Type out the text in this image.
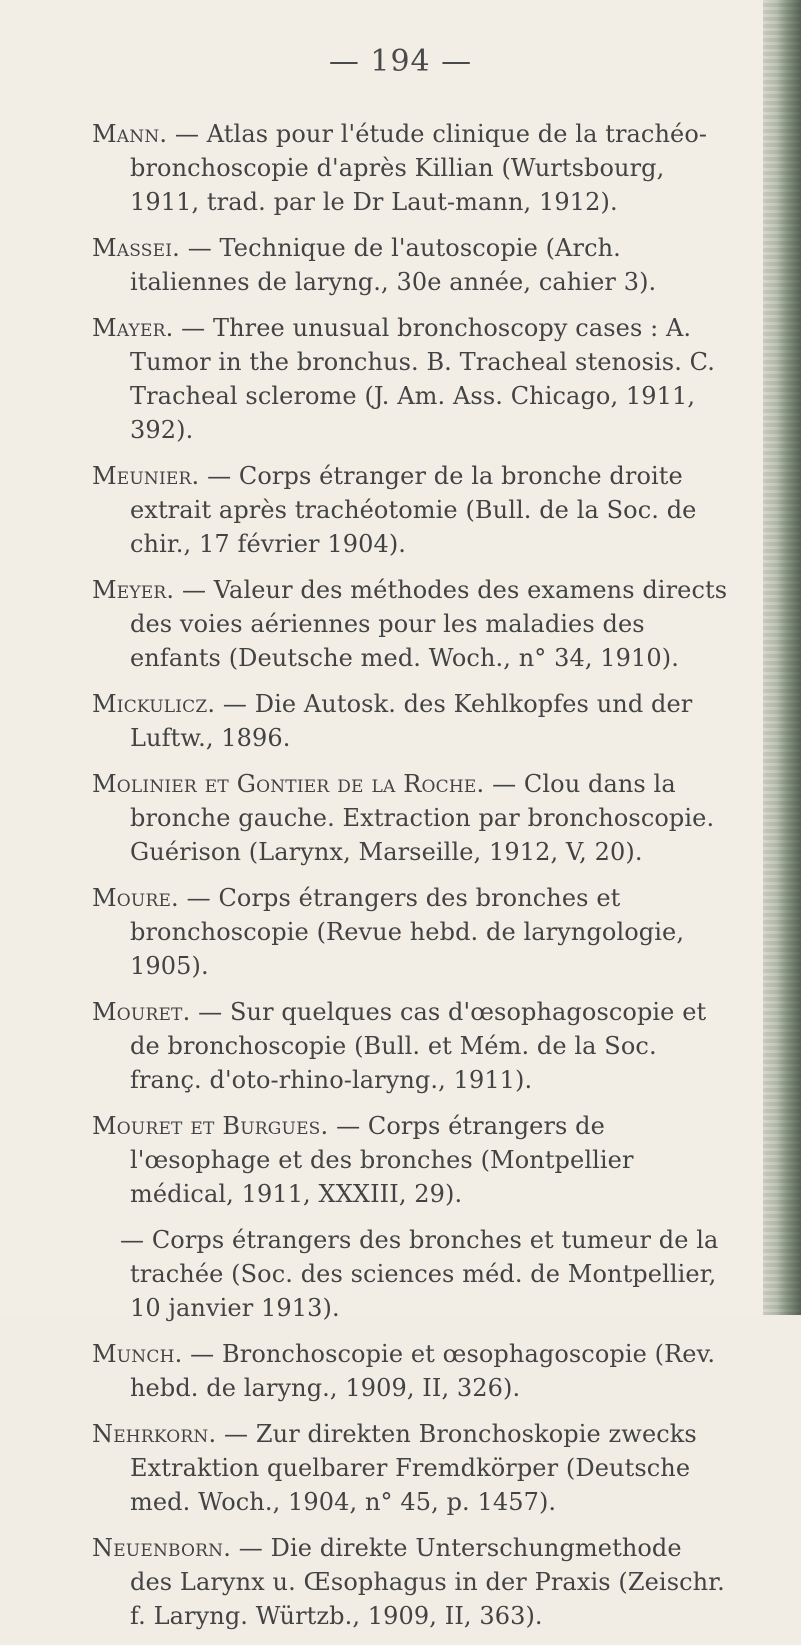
— 194 —

Mann. — Atlas pour l'étude clinique de la trachéo-bronchoscopie d'après Killian (Wurtsbourg, 1911, trad. par le Dr Laut-mann, 1912).

Massei. — Technique de l'autoscopie (Arch. italiennes de laryng., 30e année, cahier 3).

Mayer. — Three unusual bronchoscopy cases : A. Tumor in the bronchus. B. Tracheal stenosis. C. Tracheal sclerome (J. Am. Ass. Chicago, 1911, 392).

Meunier. — Corps étranger de la bronche droite extrait après trachéotomie (Bull. de la Soc. de chir., 17 février 1904).

Meyer. — Valeur des méthodes des examens directs des voies aériennes pour les maladies des enfants (Deutsche med. Woch., n° 34, 1910).

Mickulicz. — Die Autosk. des Kehlkopfes und der Luftw., 1896.

Molinier et Gontier de la Roche. — Clou dans la bronche gauche. Extraction par bronchoscopie. Guérison (Larynx, Marseille, 1912, V, 20).

Moure. — Corps étrangers des bronches et bronchoscopie (Revue hebd. de laryngologie, 1905).

Mouret. — Sur quelques cas d'œsophagoscopie et de bronchoscopie (Bull. et Mém. de la Soc. franç. d'oto-rhino-laryng., 1911).

Mouret et Burgues. — Corps étrangers de l'œsophage et des bronches (Montpellier médical, 1911, XXXIII, 29).

— Corps étrangers des bronches et tumeur de la trachée (Soc. des sciences méd. de Montpellier, 10 janvier 1913).

Munch. — Bronchoscopie et œsophagoscopie (Rev. hebd. de laryng., 1909, II, 326).

Nehrkorn. — Zur direkten Bronchoskopie zwecks Extraktion quelbarer Fremdkörper (Deutsche med. Woch., 1904, n° 45, p. 1457).

Neuenborn. — Die direkte Unterschungmethode des Larynx u. Œsophagus in der Praxis (Zeischr. f. Laryng. Würtzb., 1909, II, 363).
